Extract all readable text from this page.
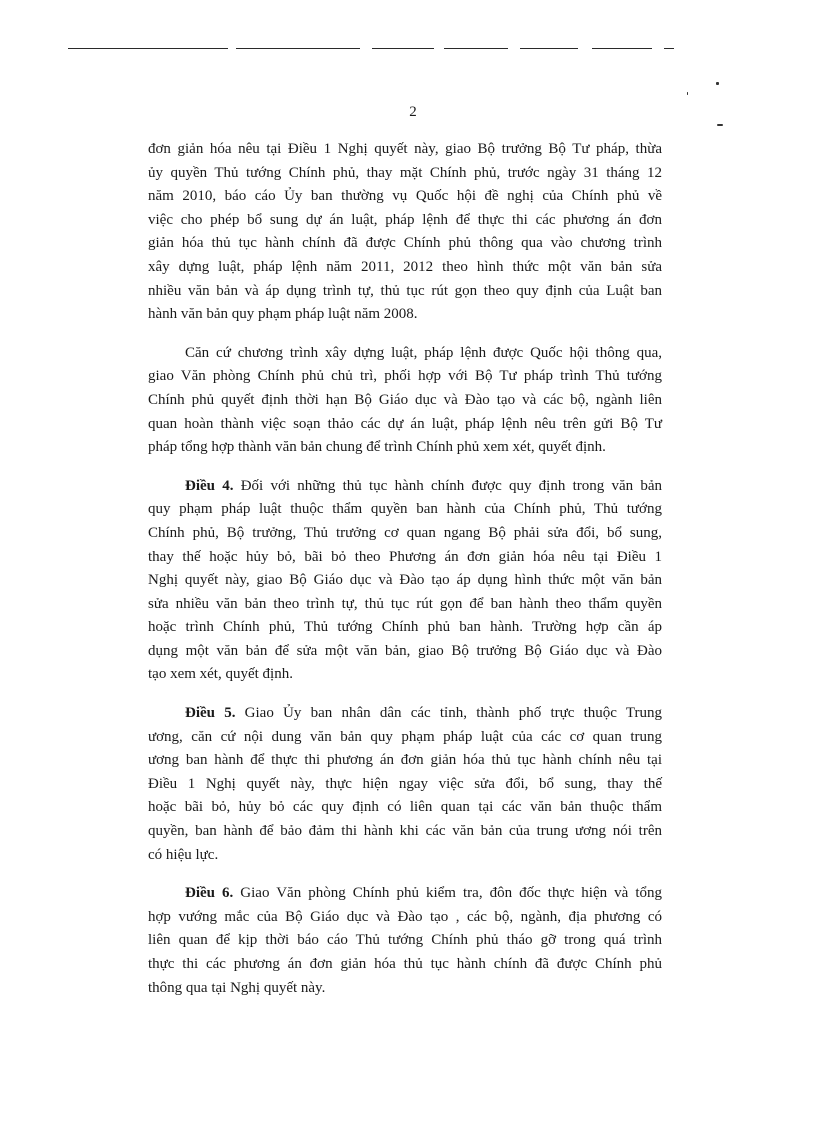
2

đơn giản hóa nêu tại Điều 1 Nghị quyết này, giao Bộ trưởng Bộ Tư pháp, thừa
ủy quyền Thủ tướng Chính phủ, thay mặt Chính phủ, trước ngày 31 tháng 12
năm 2010, báo cáo Ủy ban thường vụ Quốc hội đề nghị của Chính phủ về
việc cho phép bổ sung dự án luật, pháp lệnh để thực thi các phương án đơn
giản hóa thủ tục hành chính đã được Chính phủ thông qua vào chương trình
xây dựng luật, pháp lệnh năm 2011, 2012 theo hình thức một văn bản sửa
nhiều văn bản và áp dụng trình tự, thủ tục rút gọn theo quy định của Luật ban
hành văn bản quy phạm pháp luật năm 2008.

Căn cứ chương trình xây dựng luật, pháp lệnh được Quốc hội thông qua,
giao Văn phòng Chính phủ chủ trì, phối hợp với Bộ Tư pháp trình Thủ tướng
Chính phủ quyết định thời hạn Bộ Giáo dục và Đào tạo và các bộ, ngành liên
quan hoàn thành việc soạn thảo các dự án luật, pháp lệnh nêu trên gửi Bộ Tư
pháp tổng hợp thành văn bản chung để trình Chính phủ xem xét, quyết định.

Điều 4. Đối với những thủ tục hành chính được quy định trong văn bản
quy phạm pháp luật thuộc thẩm quyền ban hành của Chính phủ, Thủ tướng
Chính phủ, Bộ trưởng, Thủ trưởng cơ quan ngang Bộ phải sửa đổi, bổ sung,
thay thế hoặc hủy bỏ, bãi bỏ theo Phương án đơn giản hóa nêu tại Điều 1
Nghị quyết này, giao Bộ Giáo dục và Đào tạo áp dụng hình thức một văn bản
sửa nhiều văn bản theo trình tự, thủ tục rút gọn để ban hành theo thẩm quyền
hoặc trình Chính phủ, Thủ tướng Chính phủ ban hành. Trường hợp cần áp
dụng một văn bản để sửa một văn bản, giao Bộ trưởng Bộ Giáo dục và Đào
tạo xem xét, quyết định.

Điều 5. Giao Ủy ban nhân dân các tỉnh, thành phố trực thuộc Trung
ương, căn cứ nội dung văn bản quy phạm pháp luật của các cơ quan trung
ương ban hành để thực thi phương án đơn giản hóa thủ tục hành chính nêu tại
Điều 1 Nghị quyết này, thực hiện ngay việc sửa đổi, bổ sung, thay thế
hoặc bãi bỏ, hủy bỏ các quy định có liên quan tại các văn bản thuộc thẩm
quyền, ban hành để bảo đảm thi hành khi các văn bản của trung ương nói trên
có hiệu lực.

Điều 6. Giao Văn phòng Chính phủ kiểm tra, đôn đốc thực hiện và tổng
hợp vướng mắc của Bộ Giáo dục và Đào tạo , các bộ, ngành, địa phương có
liên quan để kịp thời báo cáo Thủ tướng Chính phủ tháo gỡ trong quá trình
thực thi các phương án đơn giản hóa thủ tục hành chính đã được Chính phủ
thông qua tại Nghị quyết này.
